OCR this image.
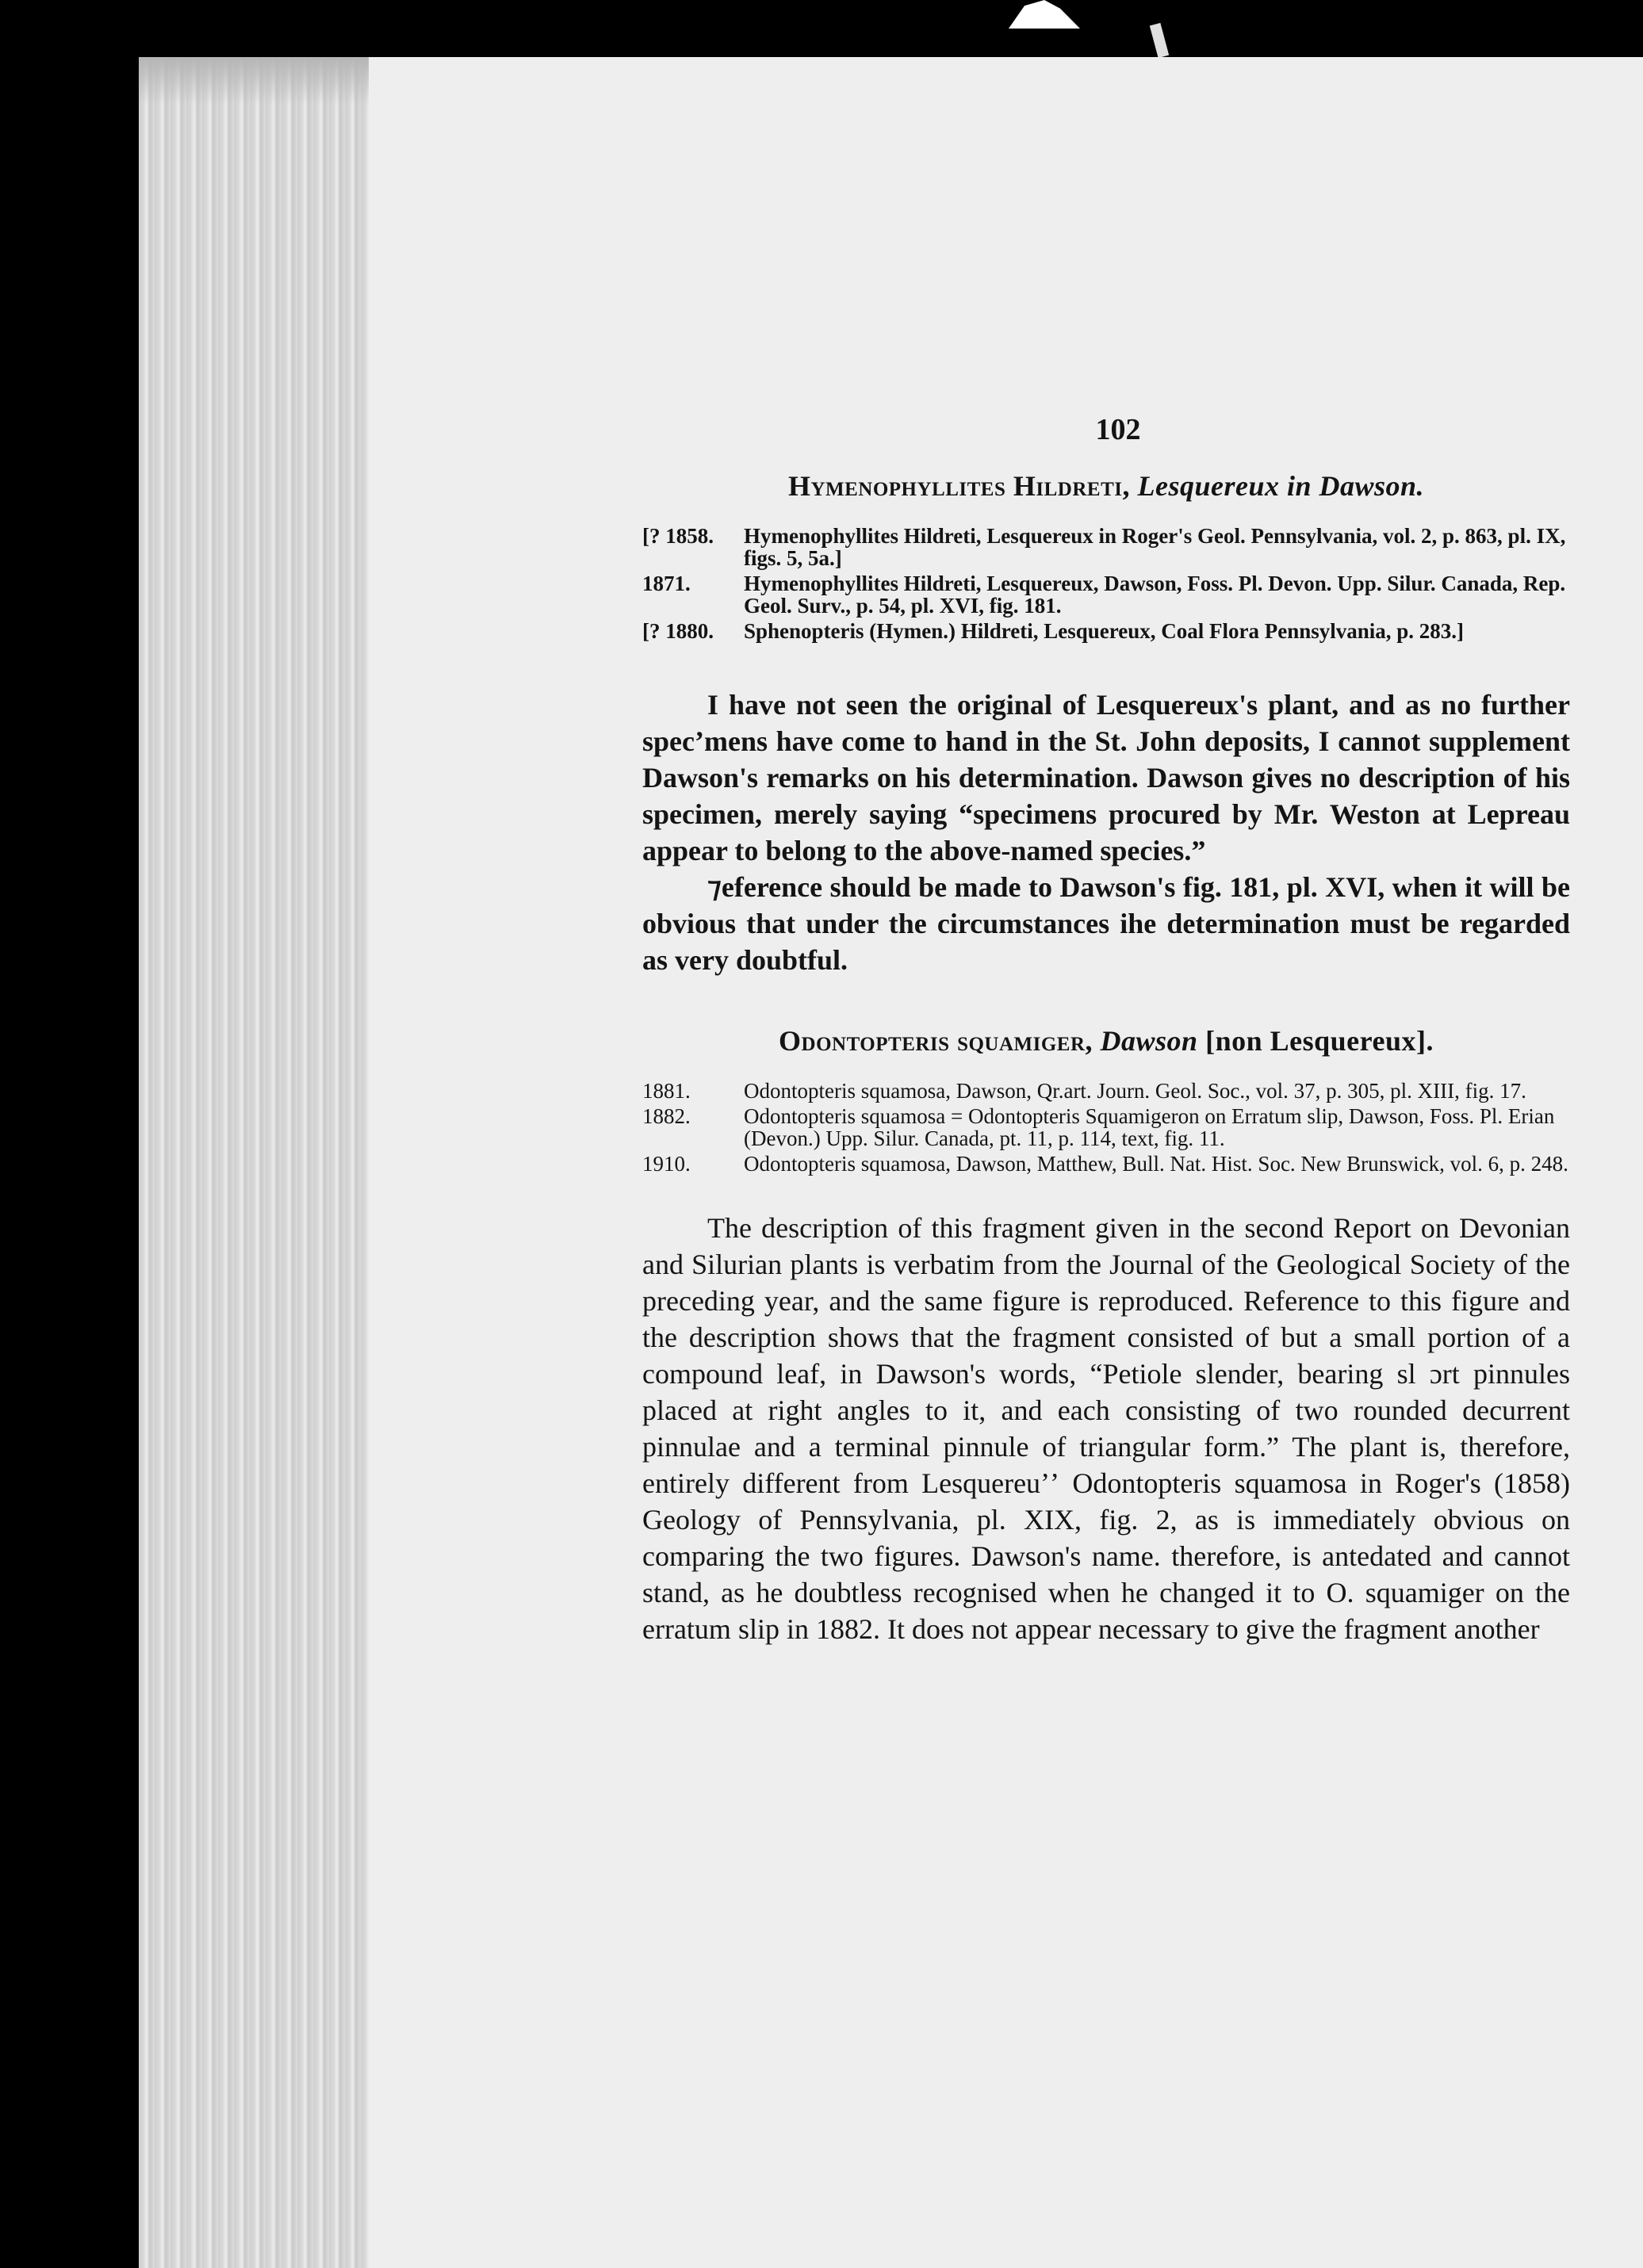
102
Hymenophyllites Hildreti, Lesquereux in Dawson.
[? 1858. Hymenophyllites Hildreti, Lesquereux in Roger's Geol. Pennsylvania, vol. 2, p. 863, pl. IX, figs. 5, 5a.]
1871. Hymenophyllites Hildreti, Lesquereux, Dawson, Foss. Pl. Devon. Upp. Silur. Canada, Rep. Geol. Surv., p. 54, pl. XVI, fig. 181.
[? 1880. Sphenopteris (Hymen.) Hildreti, Lesquereux, Coal Flora Pennsylvania, p. 283.]

I have not seen the original of Lesquereux's plant, and as no further spec’mens have come to hand in the St. John deposits, I cannot supplement Dawson's remarks on his determination. Dawson gives no description of his specimen, merely saying “specimens procured by Mr. Weston at Lepreau appear to belong to the above-named species.”

⁊eference should be made to Dawson's fig. 181, pl. XVI, when it will be obvious that under the circumstances ihe determination must be regarded as very doubtful.

Odontopteris squamiger, Dawson [non Lesquereux].
1881. Odontopteris squamosa, Dawson, Qr.art. Journ. Geol. Soc., vol. 37, p. 305, pl. XIII, fig. 17.
1882. Odontopteris squamosa = Odontopteris Squamigeron on Erratum slip, Dawson, Foss. Pl. Erian (Devon.) Upp. Silur. Canada, pt. 11, p. 114, text, fig. 11.
1910. Odontopteris squamosa, Dawson, Matthew, Bull. Nat. Hist. Soc. New Brunswick, vol. 6, p. 248.

The description of this fragment given in the second Report on Devonian and Silurian plants is verbatim from the Journal of the Geological Society of the preceding year, and the same figure is reproduced. Reference to this figure and the description shows that the fragment consisted of but a small portion of a compound leaf, in Dawson's words, “Petiole slender, bearing sl ɔrt pinnules placed at right angles to it, and each consisting of two rounded decurrent pinnulae and a terminal pinnule of triangular form.” The plant is, therefore, entirely different from Lesquereuʼʼ Odontopteris squamosa in Roger's (1858) Geology of Pennsylvania, pl. XIX, fig. 2, as is immediately obvious on comparing the two figures. Dawson's name. therefore, is antedated and cannot stand, as he doubtless recognised when he changed it to O. squamiger on the erratum slip in 1882. It does not appear necessary to give the fragment another
